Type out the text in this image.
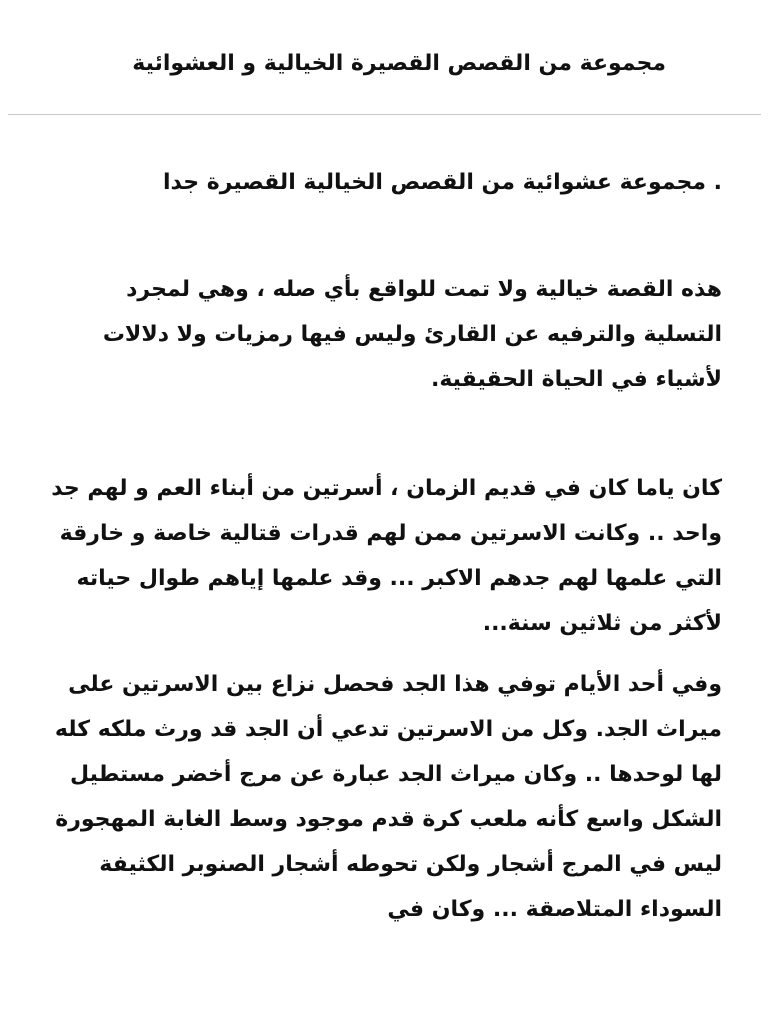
مجموعة من القصص القصيرة الخيالية و العشوائية

. مجموعة عشوائية من القصص الخيالية القصيرة جدا

هذه القصة خيالية ولا تمت للواقع بأي صله ، وهي لمجرد التسلية والترفيه عن القارئ وليس فيها رمزيات ولا دلالات لأشياء في الحياة الحقيقية.

كان ياما كان في قديم الزمان ، أسرتين من أبناء العم و لهم جد واحد .. وكانت الاسرتين ممن لهم قدرات قتالية خاصة و خارقة التي علمها لهم جدهم الاكبر ... وقد علمها إياهم طوال حياته لأكثر من ثلاثين سنة...

وفي أحد الأيام توفي هذا الجد فحصل نزاع بين الاسرتين على ميراث الجد. وكل من الاسرتين تدعي أن الجد قد ورث ملكه كله لها لوحدها .. وكان ميراث الجد عبارة عن مرج أخضر مستطيل الشكل واسع كأنه ملعب كرة قدم موجود وسط الغابة المهجورة ليس في المرج أشجار ولكن تحوطه أشجار الصنوبر الكثيفة السوداء المتلاصقة ... وكان في
